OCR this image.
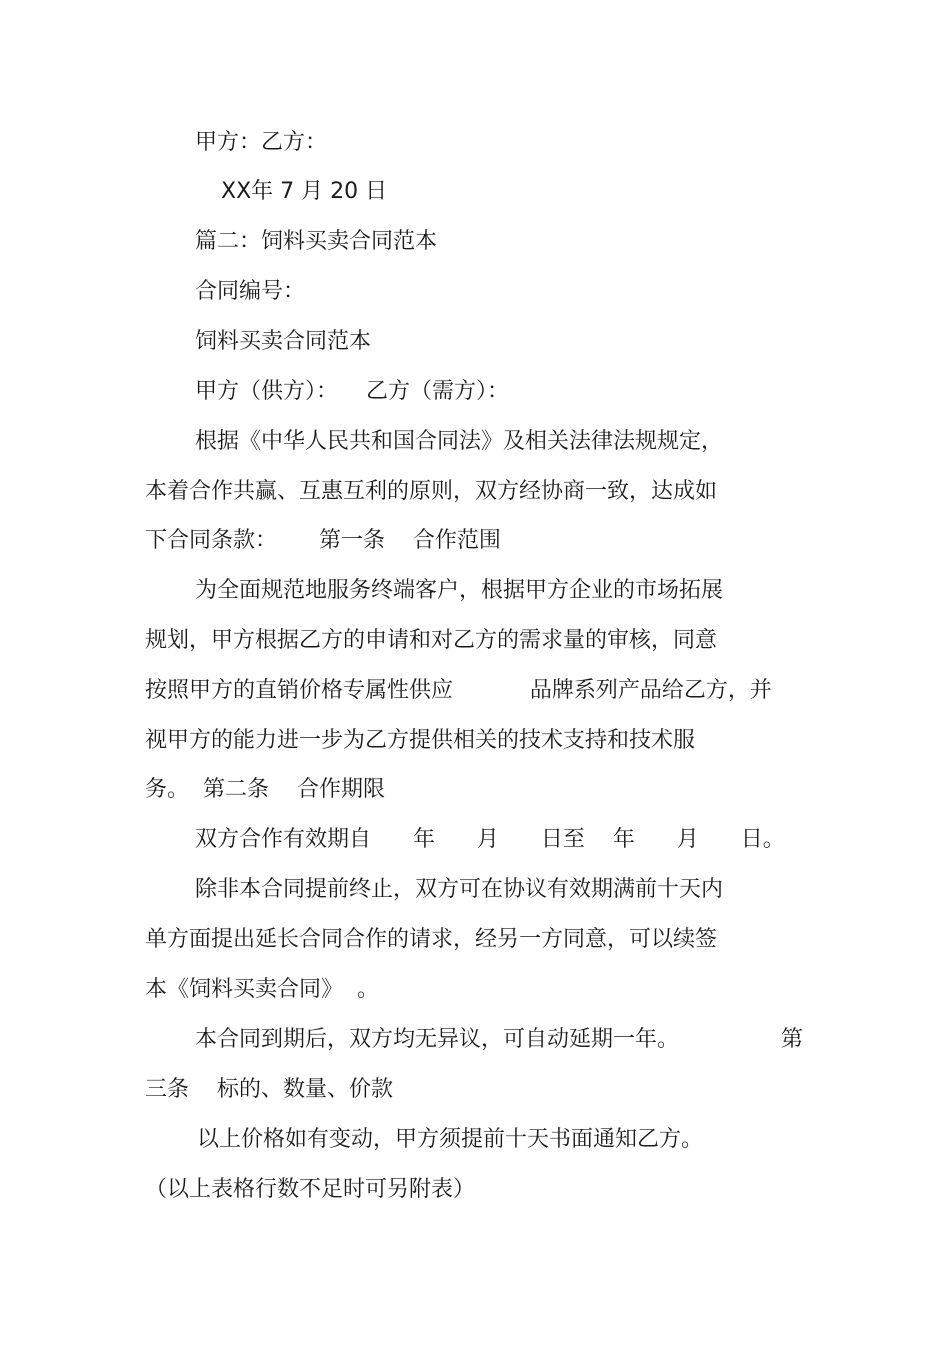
甲方：乙方：
XX年 7 月 20 日
篇二：饲料买卖合同范本
合同编号：
饲料买卖合同范本
甲方（供方）：    乙方（需方）：
根据《中华人民共和国合同法》及相关法律法规规定，
本着合作共赢、互惠互利的原则，双方经协商一致，达成如
下合同条款：      第一条    合作范围
为全面规范地服务终端客户，根据甲方企业的市场拓展
规划，甲方根据乙方的申请和对乙方的需求量的审核，同意
按照甲方的直销价格专属性供应           品牌系列产品给乙方，并
视甲方的能力进一步为乙方提供相关的技术支持和技术服
务。  第二条    合作期限
双方合作有效期自      年      月      日至    年      月      日。
除非本合同提前终止，双方可在协议有效期满前十天内
单方面提出延长合同合作的请求，经另一方同意，可以续签
本《饲料买卖合同》  。
本合同到期后，双方均无异议，可自动延期一年。	第
三条    标的、数量、价款
以上价格如有变动，甲方须提前十天书面通知乙方。
（以上表格行数不足时可另附表）
